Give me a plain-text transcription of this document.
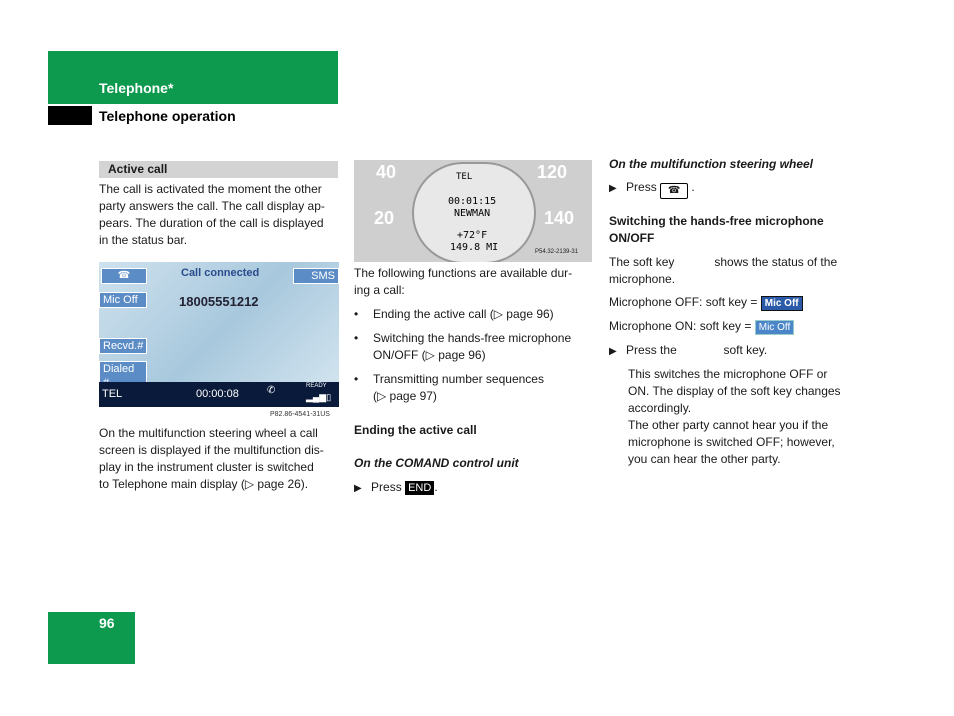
Telephone*
Telephone operation
Active call
The call is activated the moment the other
party answers the call. The call display ap-
pears. The duration of the call is displayed
in the status bar.
☎	Call connected	SMS
Mic Off	18005551212
Recvd.#
Dialed
TEL	00:00:08	✆	READY
▂▄▆▯
P82.86-4541-31US
On the multifunction steering wheel a call
screen is displayed if the multifunction dis-
play in the instrument cluster is switched
to Telephone main display (▷ page 26).
40
20
120
140
TEL
00:01:15
NEWMAN
+72°F
149.8 MI	P54.32-2139-31
The following functions are available dur-
ing a call:
• Ending the active call (▷ page 96)
• Switching the hands-free microphone
ON/OFF (▷ page 96)
• Transmitting number sequences
(▷ page 97)
Ending the active call
On the COMAND control unit
▶ Press END .
On the multifunction steering wheel
▶ Press ☎ .
Switching the hands-free microphone
ON/OFF
The soft key	shows the status of the
microphone.
Microphone OFF: soft key = Mic Off
Microphone ON: soft key = Mic Off
▶ Press the	soft key.
This switches the microphone OFF or
ON. The display of the soft key changes
accordingly.
The other party cannot hear you if the
microphone is switched OFF; however,
you can hear the other party.
96
